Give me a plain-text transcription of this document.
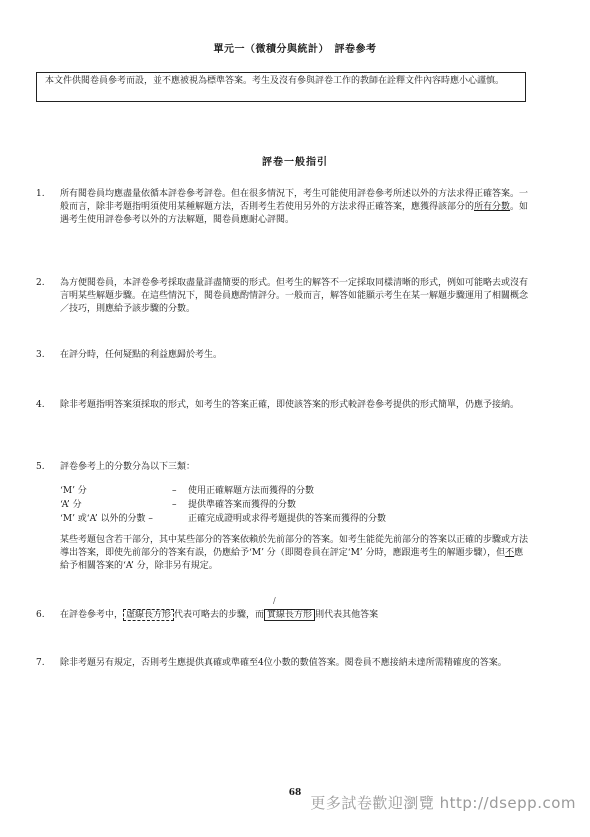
單元一（微積分與統計）　評卷參考
本文件供閱卷員參考而設，並不應被視為標準答案。考生及沒有參與評卷工作的教師在詮釋文件內容時應小心謹慎。
評卷一般指引
1.	所有閱卷員均應盡量依循本評卷參考評卷。但在很多情況下，考生可能使用評卷參考所述以外的方法求得正確答案。一般而言，除非考題指明須使用某種解題方法，否則考生若使用另外的方法求得正確答案，應獲得該部分的所有分數。如遇考生使用評卷參考以外的方法解題，閱卷員應耐心評閱。
2.	為方便閱卷員，本評卷參考採取盡量詳盡簡要的形式。但考生的解答不一定採取同樣清晰的形式，例如可能略去或沒有言明某些解題步驟。在這些情況下，閱卷員應酌情評分。一般而言，解答如能顯示考生在某一解題步驟運用了相關概念／技巧，則應給予該步驟的分數。
3.	在評分時，任何疑點的利益應歸於考生。
4.	除非考題指明答案須採取的形式，如考生的答案正確，即使該答案的形式較評卷參考提供的形式簡單，仍應予接納。
5.	評卷參考上的分數分為以下三類：
‘M’ 分	– 使用正確解題方法而獲得的分數
‘A’ 分	– 提供準確答案而獲得的分數
‘M’ 或‘A’ 以外的分數 –	正確完成證明或求得考題提供的答案而獲得的分數
某些考題包含若干部分，其中某些部分的答案依賴於先前部分的答案。如考生能從先前部分的答案以正確的步驟或方法導出答案，即使先前部分的答案有誤，仍應給予‘M’ 分（即閱卷員在評定‘M’ 分時，應跟進考生的解題步驟），但不應給予相關答案的‘A’ 分，除非另有規定。
/
6.	在評卷參考中， 虛線長方形 代表可略去的步驟，而 實線長方形 則代表其他答案
7.	除非考題另有規定，否則考生應提供真確或準確至4位小數的數值答案。閱卷員不應接納未達所需精確度的答案。
68
更多試卷歡迎瀏覽 http://dsepp.com
